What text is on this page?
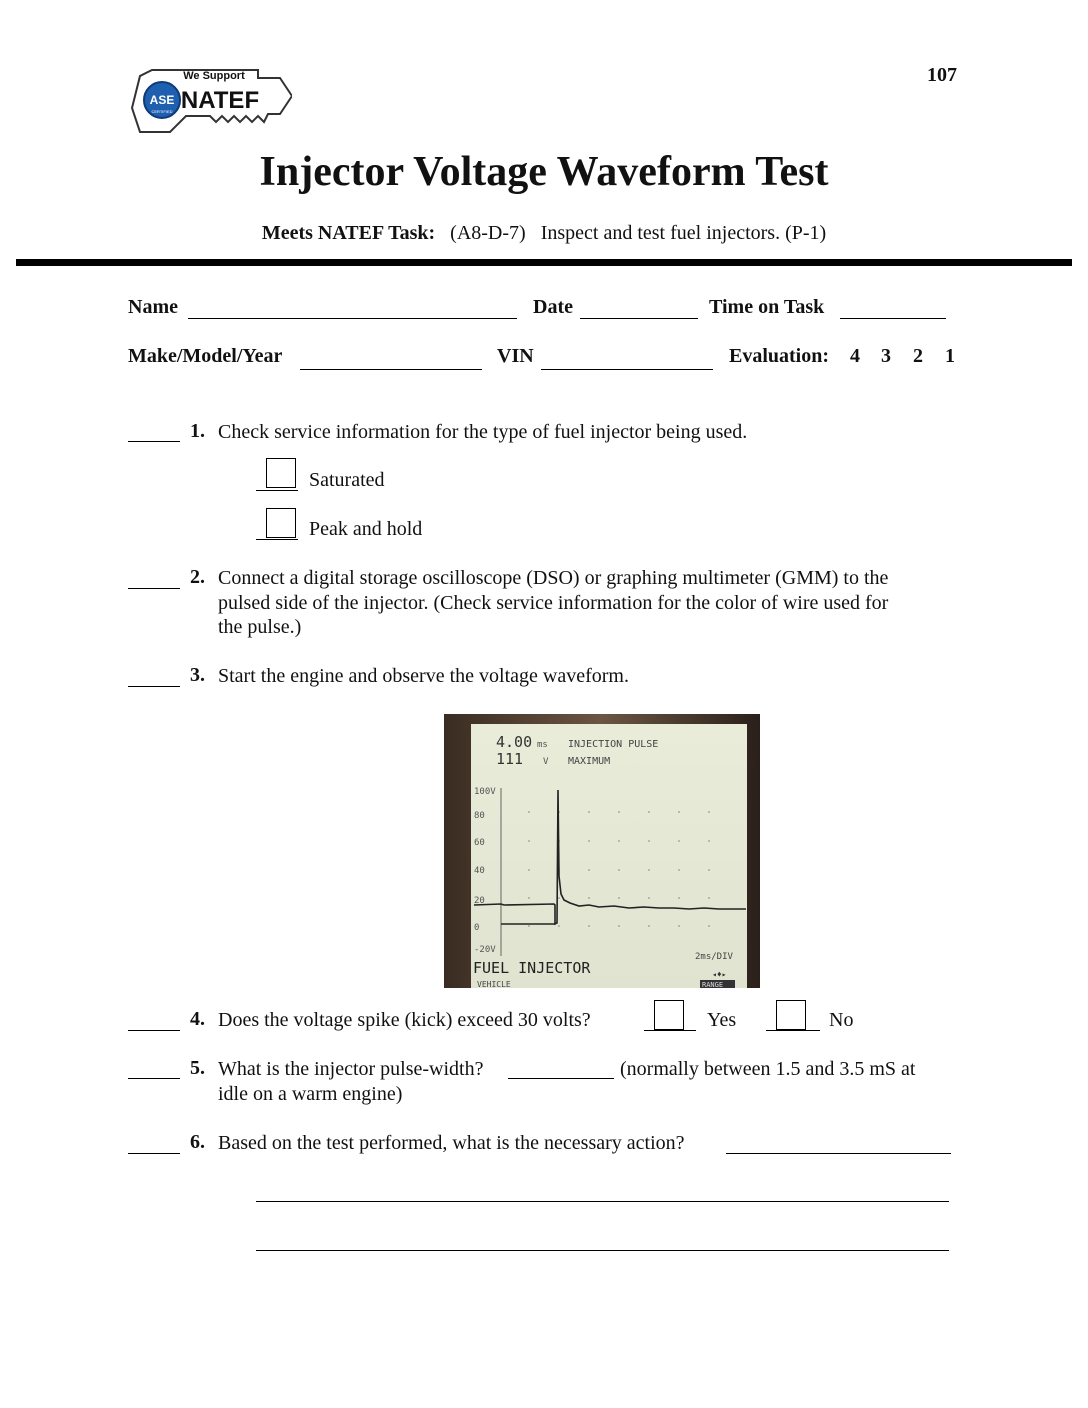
107
We Support
NATEF
ASE
CERTIFIED
Injector Voltage Waveform Test
Meets NATEF Task: (A8-D-7) Inspect and test fuel injectors. (P-1)
Name	Date	Time on Task
Make/Model/Year	VIN	Evaluation: 4 3 2 1
1. Check service information for the type of fuel injector being used.
Saturated
Peak and hold
2. Connect a digital storage oscilloscope (DSO) or graphing multimeter (GMM) to the
pulsed side of the injector. (Check service information for the color of wire used for
the pulse.)
3. Start the engine and observe the voltage waveform.
4.00 ms INJECTION PULSE
111 V MAXIMUM
100V
80
60
40
20
0
-20V
2ms/DIV
FUEL INJECTOR	◂♦▸
VEHICLE	RANGE
4. Does the voltage spike (kick) exceed 30 volts?	Yes	No
5. What is the injector pulse-width?	(normally between 1.5 and 3.5 mS at
idle on a warm engine)
6. Based on the test performed, what is the necessary action?
